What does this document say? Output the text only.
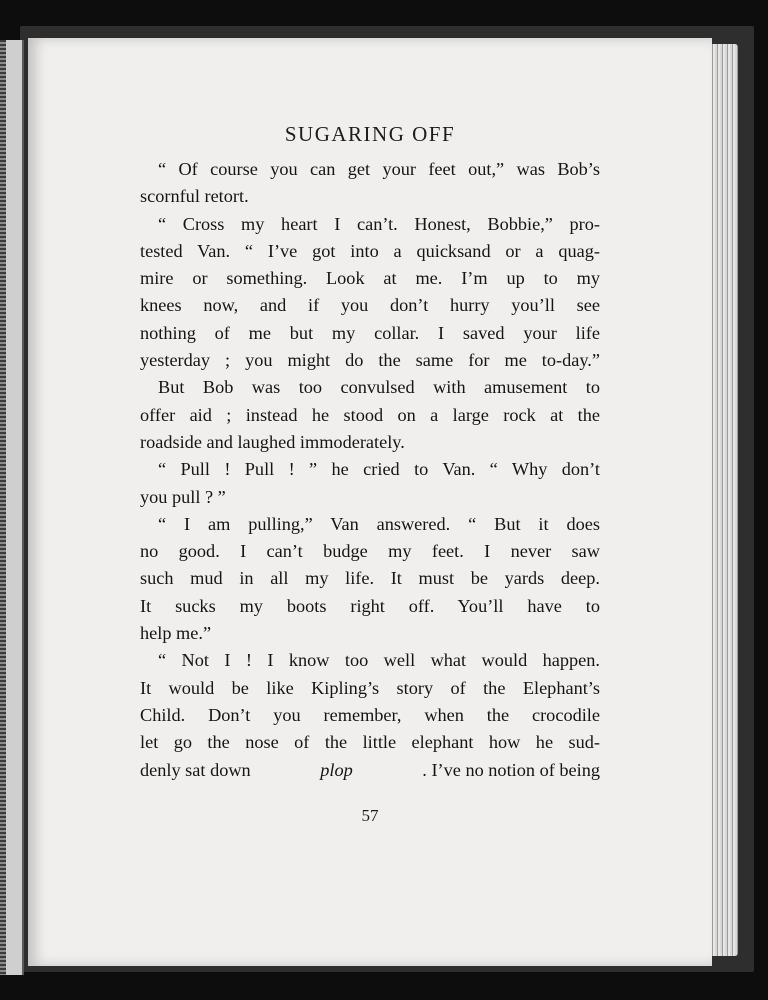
SUGARING OFF
“ Of course you can get your feet out,” was Bob’s
scornful retort.
“ Cross my heart I can’t. Honest, Bobbie,” pro-
tested Van. “ I’ve got into a quicksand or a quag-
mire or something. Look at me. I’m up to my
knees now, and if you don’t hurry you’ll see
nothing of me but my collar. I saved your life
yesterday ; you might do the same for me to-day.”
But Bob was too convulsed with amusement to
offer aid ; instead he stood on a large rock at the
roadside and laughed immoderately.
“ Pull ! Pull ! ” he cried to Van. “ Why don’t
you pull ? ”
“ I am pulling,” Van answered. “ But it does
no good. I can’t budge my feet. I never saw
such mud in all my life. It must be yards deep.
It sucks my boots right off. You’ll have to
help me.”
“ Not I ! I know too well what would happen.
It would be like Kipling’s story of the Elephant’s
Child. Don’t you remember, when the crocodile
let go the nose of the little elephant how he sud-
denly sat down	plop	. I’ve no notion of being
57
